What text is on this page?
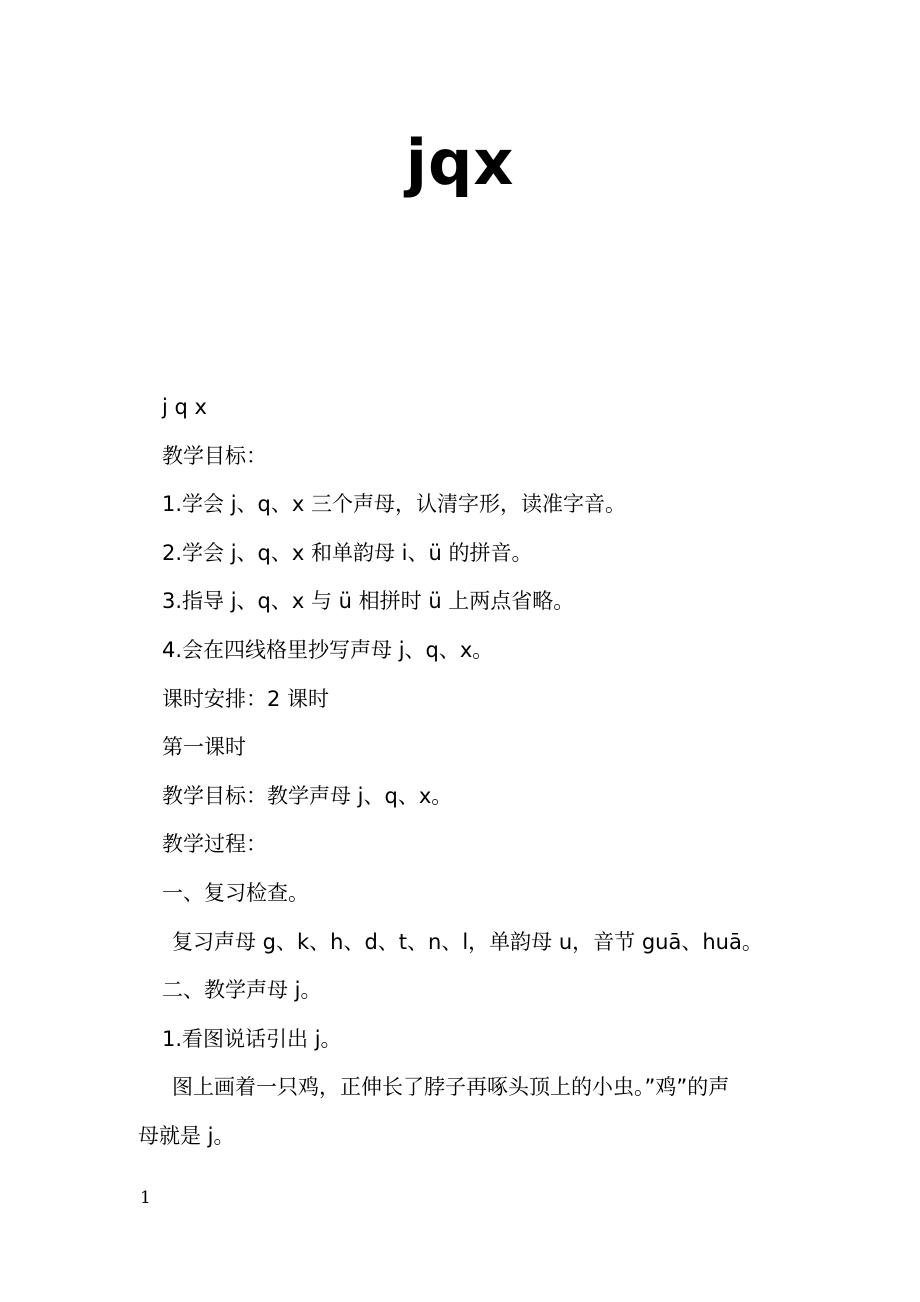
jqx
j q x
教学目标：
1.学会 j、q、x 三个声母，认清字形，读准字音。
2.学会 j、q、x 和单韵母 i、ü 的拼音。
3.指导 j、q、x 与 ü 相拼时 ü 上两点省略。
4.会在四线格里抄写声母 j、q、x。
课时安排：2 课时
第一课时
教学目标：教学声母 j、q、x。
教学过程：
一、复习检查。
复习声母 g、k、h、d、t、n、l，单韵母 u，音节 guā、huā。
二、教学声母 j。
1.看图说话引出 j。
图上画着一只鸡，正伸长了脖子再啄头顶上的小虫。”鸡”的声
母就是 j。
1
